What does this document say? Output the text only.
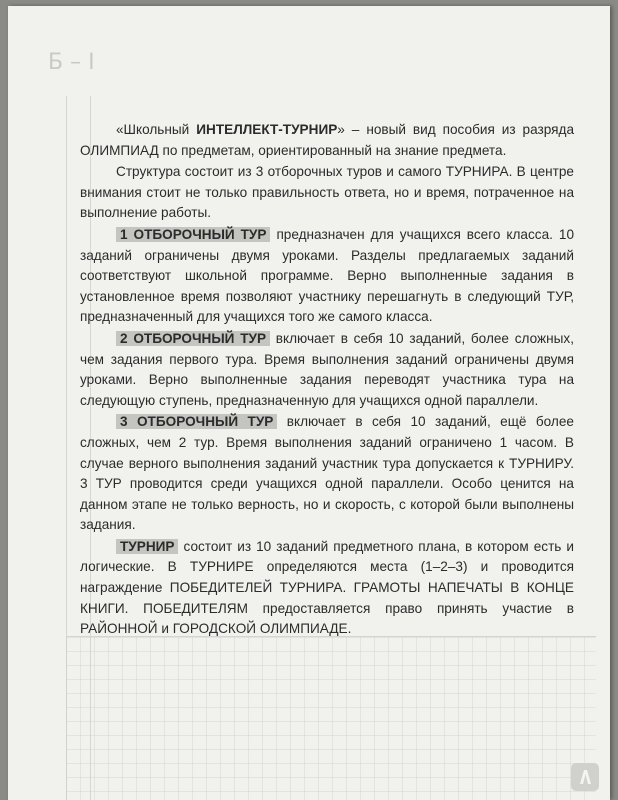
Б – I

«Школьный ИНТЕЛЛЕКТ-ТУРНИР» – новый вид пособия из разряда ОЛИМПИАД по предметам, ориентированный на знание предмета.

Структура состоит из 3 отборочных туров и самого ТУРНИРА. В центре внимания стоит не только правильность ответа, но и время, потраченное на выполнение работы.

1 ОТБОРОЧНЫЙ ТУР предназначен для учащихся всего класса. 10 заданий ограничены двумя уроками. Разделы предлагаемых заданий соответствуют школьной программе. Верно выполненные задания в установленное время позволяют участнику перешагнуть в следующий ТУР, предназначенный для учащихся того же самого класса.

2 ОТБОРОЧНЫЙ ТУР включает в себя 10 заданий, более сложных, чем задания первого тура. Время выполнения заданий ограничены двумя уроками. Верно выполненные задания переводят участника тура на следующую ступень, предназначенную для учащихся одной параллели.

3 ОТБОРОЧНЫЙ ТУР включает в себя 10 заданий, ещё более сложных, чем 2 тур. Время выполнения заданий ограничено 1 часом. В случае верного выполнения заданий участник тура допускается к ТУРНИРУ. 3 ТУР проводится среди учащихся одной параллели. Особо ценится на данном этапе не только верность, но и скорость, с которой были выполнены задания.

ТУРНИР состоит из 10 заданий предметного плана, в котором есть и логические. В ТУРНИРЕ определяются места (1–2–3) и проводится награждение ПОБЕДИТЕЛЕЙ ТУРНИРА. ГРАМОТЫ НАПЕЧАТЫ В КОНЦЕ КНИГИ. ПОБЕДИТЕЛЯМ предоставляется право принять участие в РАЙОННОЙ и ГОРОДСКОЙ ОЛИМПИАДЕ.
